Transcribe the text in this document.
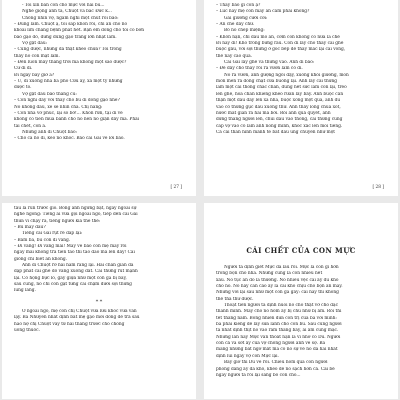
- Tôi xin bán con chó mực với hai bu...
Nghe giọng anh ta, Chuột và bác Đức k...
Chồng nhìn vợ, ngẫm nghĩ một chút rồi bảo:
– Đúng lắm. Chuột ạ, tôi sắp khôn rồi, chỉ ăn cho no
khoai lim chẳng bệnh phát hết. Bạn em đóng cho tôi có bớn
bảo gạo đỏ, đừng đúng gạo trắng lởn nhạt làm.
Vợ gật đầu:
– Cũng được, nhưng đã thật khéo chưa? Tôi trông
thấy nó còn mặt lắm.
– Đến luôn mấy tháng trời mà không một sao được?
Cứ đi đi.
Đi ngay bây giờ à?
– Ừ, đi xuống nhà bà phó Cửu ấy, xa một tý nhưng
được to.
Vợ gật đầu bảo thằng cu:
– Con nghĩ đấy với thầy cho bu đi đong gạo nhé?
Nó không đâu, xe sẽ nhìn cha. Chị năng:
– Con nhà vỡ phúc, lại so bở!... Khôn rưn, tại đi về
không có tiền mua bánh cho nó nên nó giận đấy mà. Phải
tái chết, con a.
Nhưng anh đi Chuột bảo:
– Cho cá nó đi, kéo nó khóc. Bảo cái Gái về lời bảo.
[ 27 ]
– Thầy bảo gì con ạ?
– Lúc này mẹ con mày ăn cám phải không?
Gái giương cười cời:
– Ăn chè đấy chứ.
Bố nó chép miệng:
– Khốn nạn, chỉ đầu mõ ăn, cơm còn không có nữa là chế
Đi này đi! Khó trong bưng rau. Con đi lấy cho thầy cái ghế
buộc gấu, với sợi thừng ở góc bếp để thầy mắc lại cái võng,
thế này cao quá.
Cái Gái lấy ghế và thừng vào. Anh đi bảo:
– Để đấy cho thầy rồi ra vườn làm cỏ đi.
Nó ra vườn, anh gượng ngồi dậy, xuống khỏi giường, mon
mon men ra đóng chặt cửa buồng lại. Anh lấy cái thừng
làm một cái thòng chắc chắn, dùng hết sức làm con lại, trèo
lên ghế, hóa chân khiêng khéo rưan lấy bấy. Anh buộc cẩn
thận một đầu dây lên xà nhà, buộc xong một quá, anh đu
vào cổ thừng gục đầu xuống thử. Anh thấy lòng chua xót,
nước mắt giàn ra hai má bơi. Rồi anh quả quyết, anh
đứng thẳng người lên, chui đầu vào thòng, cái thừng cũng
cáp vợ vào cổ làm anh nóng mình, khóc xấc lên mỗi tiếng.
Cả cái thân hình mảnh tê bắt đầu ung chuyên như một
[ 28 ]
tấu lá run trước gió. Bỗng anh ngừng bặt, ngày ngoài sự
nghe ngóng: Tiếng ai vừa gọi ngoài ngõ, tiếp đến cái Gái
thưa vì chạy ra, tiếng người kia the the:
– Bu mày đâu?
Tiếng cái Gái rụt rè đáp lại:
– Bầm bà, bu con đi vắng.
– Đi vắng! Đi vắng mãi! Mày về bảo con mẹ mày rồi
ngày mai không trả tiền tao thì tao dào mả lên đấy! Cái
giống chỉ biết ăn không.
Anh đi Chuột rờ hai hàm răng lại. Hai chân giãn đã
đạp phắt cái ghế đổ vang xuống đất. Cái thừng rút mạnh
lại. Cổ họng bực lo, gáy giựa như một con gà bị bẫy,
sau cùng, nó chỉ còn gặt từng cái chậm dưới sợi thừng
lùng lắng.
* *
Ở ngoài ngõ, mẹ con chị Chuột vừa lưu khóc vừa van
lạy. Bà Nhưyên nhất định bắt mẹ gạo mới đóng để trả sáu
hào nợ chị Chuột vay từ hai tháng trước cho chồng
uống thuốc.
CÁI CHẾT CỦA CON MỰC
Người ta định giết Mực đã lâu rồi. Mực là con gì hơn
trong bọn chó nhà. Nhưng cũng là con nhiều nết
xấu. Nó tục ăn đó là thường. Nó nhiều vệc cái ấy dù khó
cho nó. Nó hay cắn cáo ấy là cái khó chịu cho bọn ăn mày.
Nhưng với lại sau như một con gà gầy: cái này thì không
thể tha thứ được.
Thoạt tiên người ta định nuôi nó cho thật vớ cho đặc
thành mình. Mày cho nó hôm ấy bị chú như bị ấm. Rồi thì
tết tháng năm. Bỗng nhiên dứa con trị của bà vơi mình:
bà phải kiêng để lấy sữa lành cho con bú. Sau cùng người
ta nhất định thịt nó vào rằm tháng bảy, ai ẩm cũng mặc.
Nhưng lần này Mực vẫn thoát nạn là vì nhờ có Du. Người
con cả và sớt ấy của vợ chồng người anh về sợ. Bà
mang nhưng bắt ngờ mất mà có nó sự về nó đã hài nhất
định lùi ngày vợ con Mực lại.
Bây giờ thì Du về rồi. Chiều hôm qua con người
phòng đằng ấy đã khỏ, khéo để nó sạch hơn cả. Cái bể
ngày người ta rồi lại sáng bỏ con chó...
